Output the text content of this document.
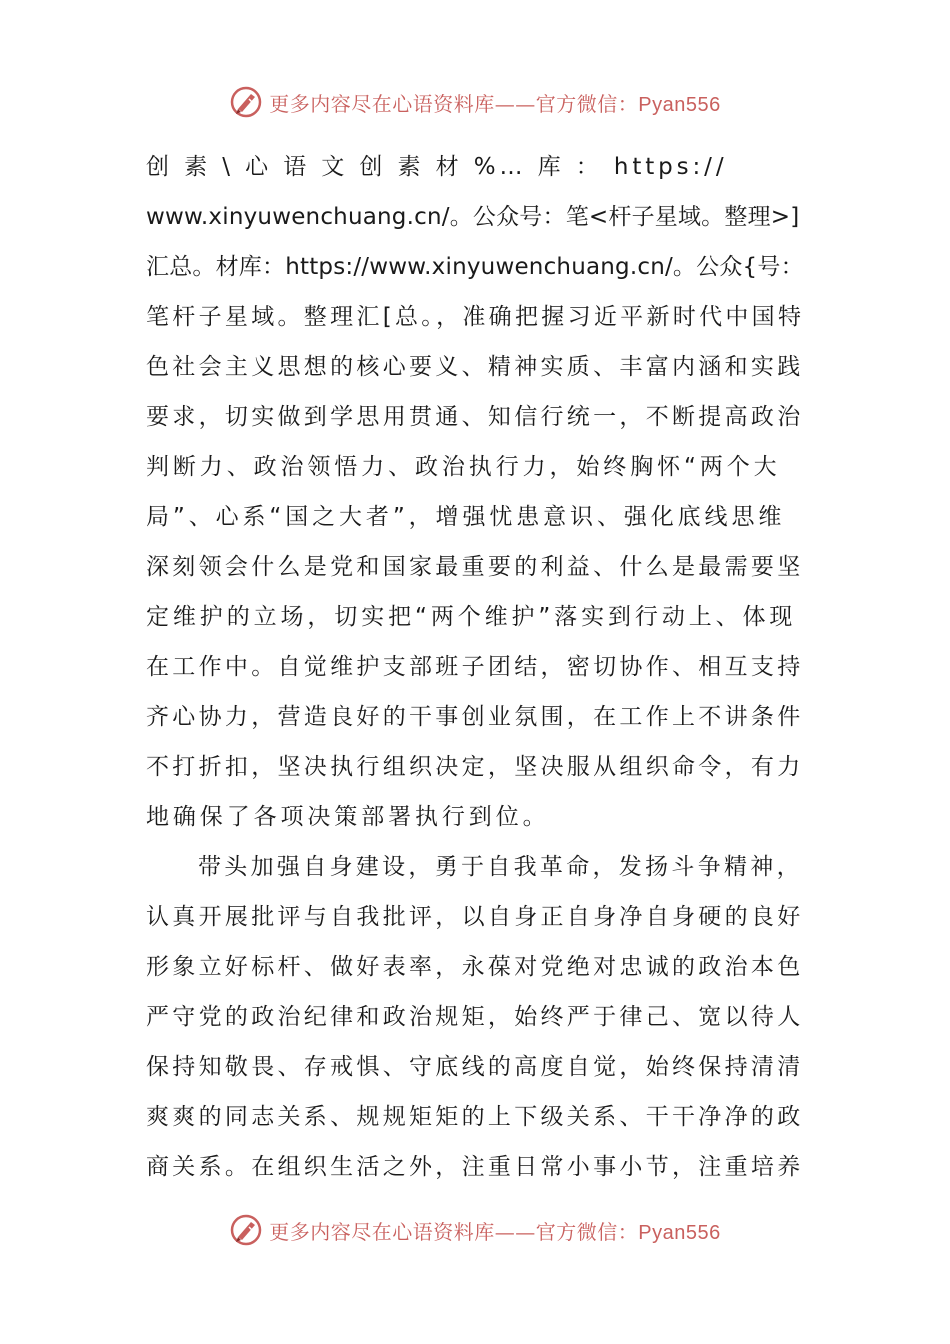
更多内容尽在心语资料库——官方微信：Pyan556
创 素 \ 心 语 文 创 素 材 %… 库 ： https://
www.xinyuwenchuang.cn/。公众号：笔<杆子星域。整理>]
汇总。材库：https://www.xinyuwenchuang.cn/。公众{号：
笔杆子星域。整理汇[总。，准确把握习近平新时代中国特
色社会主义思想的核心要义、精神实质、丰富内涵和实践
要求，切实做到学思用贯通、知信行统一，不断提高政治
判断力、政治领悟力、政治执行力，始终胸怀“两个大
局”、心系“国之大者”，增强忧患意识、强化底线思维
深刻领会什么是党和国家最重要的利益、什么是最需要坚
定维护的立场，切实把“两个维护”落实到行动上、体现
在工作中。自觉维护支部班子团结，密切协作、相互支持
齐心协力，营造良好的干事创业氛围，在工作上不讲条件
不打折扣，坚决执行组织决定，坚决服从组织命令，有力
地确保了各项决策部署执行到位。
带头加强自身建设，勇于自我革命，发扬斗争精神，
认真开展批评与自我批评，以自身正自身净自身硬的良好
形象立好标杆、做好表率，永葆对党绝对忠诚的政治本色
严守党的政治纪律和政治规矩，始终严于律己、宽以待人
保持知敬畏、存戒惧、守底线的高度自觉，始终保持清清
爽爽的同志关系、规规矩矩的上下级关系、干干净净的政
商关系。在组织生活之外，注重日常小事小节，注重培养
更多内容尽在心语资料库——官方微信：Pyan556
